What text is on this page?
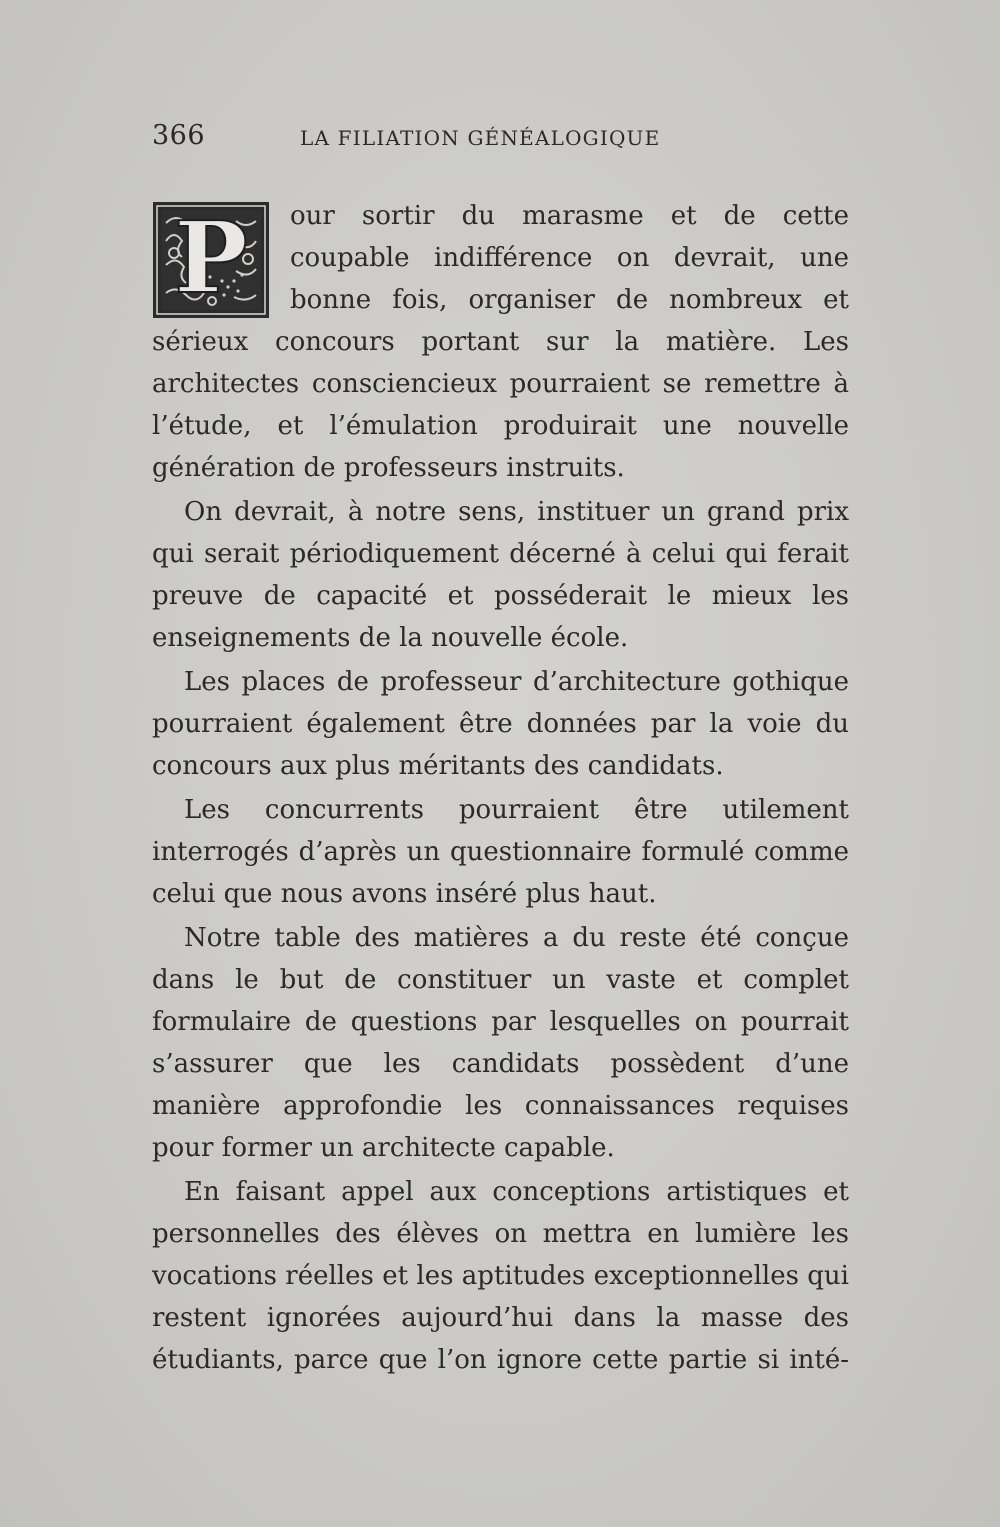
366	LA FILIATION GÉNÉALOGIQUE

P	our sortir du marasme et de cette coupable indifférence on devrait, une bonne fois, organiser de nombreux et sérieux concours portant sur la matière. Les architectes consciencieux pourraient se remettre à l’étude, et l’émulation produirait une nouvelle génération de professeurs instruits.

On devrait, à notre sens, instituer un grand prix qui serait périodiquement décerné à celui qui ferait preuve de capacité et posséderait le mieux les enseignements de la nouvelle école.

Les places de professeur d’architecture gothique pourraient également être données par la voie du concours aux plus méritants des candidats.

Les concurrents pourraient être utilement interrogés d’après un questionnaire formulé comme celui que nous avons inséré plus haut.

Notre table des matières a du reste été conçue dans le but de constituer un vaste et complet formulaire de questions par lesquelles on pourrait s’assurer que les candidats possèdent d’une manière approfondie les connaissances requises pour former un architecte capable.

En faisant appel aux conceptions artistiques et personnelles des élèves on mettra en lumière les vocations réelles et les aptitudes exceptionnelles qui restent ignorées aujourd’hui dans la masse des étudiants, parce que l’on ignore cette partie si inté-
